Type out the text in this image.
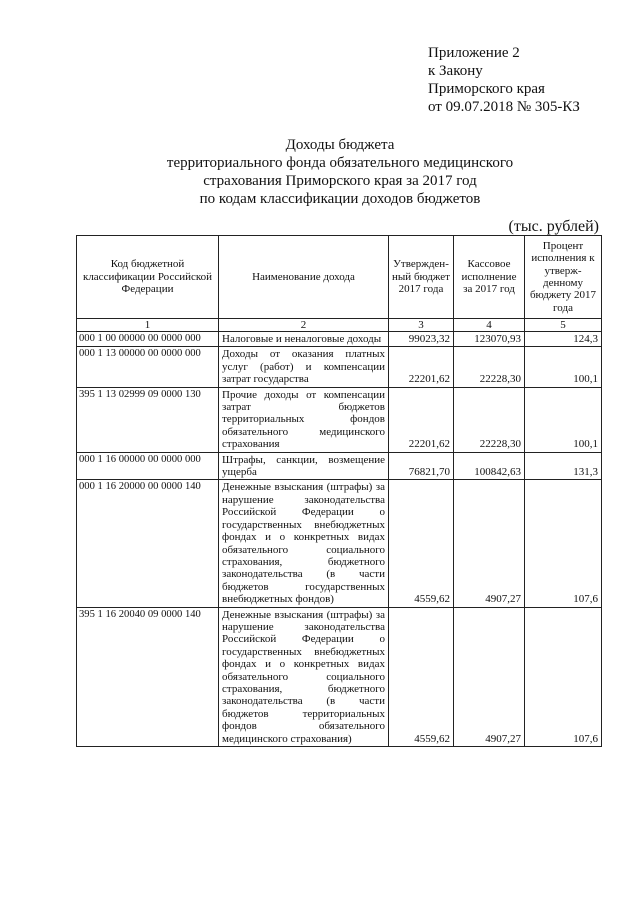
Приложение 2
к Закону
Приморского края
от 09.07.2018 № 305-КЗ
Доходы бюджета
территориального фонда обязательного медицинского
страхования Приморского края за 2017 год
по кодам классификации доходов бюджетов
(тыс. рублей)
Код бюджетной классификации Российской Федерации	Наименование дохода	Утвержден-ный бюджет 2017 года	Кассовое исполнение за 2017 год	Процент исполнения к утверж-денному бюджету 2017 года
1	2	3	4	5
000 1 00 00000 00 0000 000	Налоговые и неналоговые доходы	99023,32	123070,93	124,3
000 1 13 00000 00 0000 000	Доходы от оказания платных услуг (работ) и компенсации затрат государства	22201,62	22228,30	100,1
395 1 13 02999 09 0000 130	Прочие доходы от компенсации затрат бюджетов территориальных фондов обязательного медицинского страхования	22201,62	22228,30	100,1
000 1 16 00000 00 0000 000	Штрафы, санкции, возмещение ущерба	76821,70	100842,63	131,3
000 1 16 20000 00 0000 140	Денежные взыскания (штрафы) за нарушение законодательства Российской Федерации о государственных внебюджетных фондах и о конкретных видах обязательного социального страхования, бюджетного законодательства (в части бюджетов государственных внебюджетных фондов)	4559,62	4907,27	107,6
395 1 16 20040 09 0000 140	Денежные взыскания (штрафы) за нарушение законодательства Российской Федерации о государственных внебюджетных фондах и о конкретных видах обязательного социального страхования, бюджетного законодательства (в части бюджетов территориальных фондов обязательного медицинского страхования)	4559,62	4907,27	107,6
